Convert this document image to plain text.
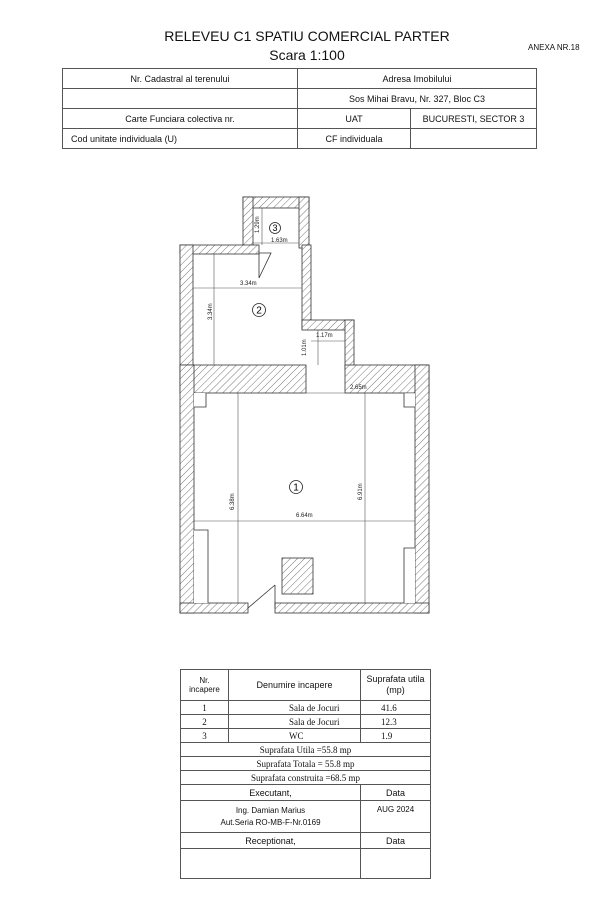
RELEVEU C1 SPATIU COMERCIAL PARTER
Scara 1:100	ANEXA NR.18
Nr. Cadastral al terenului	Adresa Imobilului	
	Sos Mihai Bravu, Nr. 327, Bloc C3	
Carte Funciara colectiva nr.	UAT	BUCURESTI, SECTOR 3
Cod unitate individuala (U)	CF individuala	
3
2
1
1.29m
1.63m
3.34m
3.34m
1.17m
1.01m
2.65m
6.38m
6.91m
6.64m
Nr.
incapere	Denumire incapere	Suprafata utila
(mp)
1	Sala de Jocuri	41.6
2	Sala de Jocuri	12.3
3	WC	1.9
Suprafata Utila =55.8 mp		
Suprafata Totala = 55.8 mp		
Suprafata construita =68.5 mp		
Executant,		Data
Ing. Damian Marius
Aut.Seria RO-MB-F-Nr.0169		AUG 2024
Receptionat,		Data
